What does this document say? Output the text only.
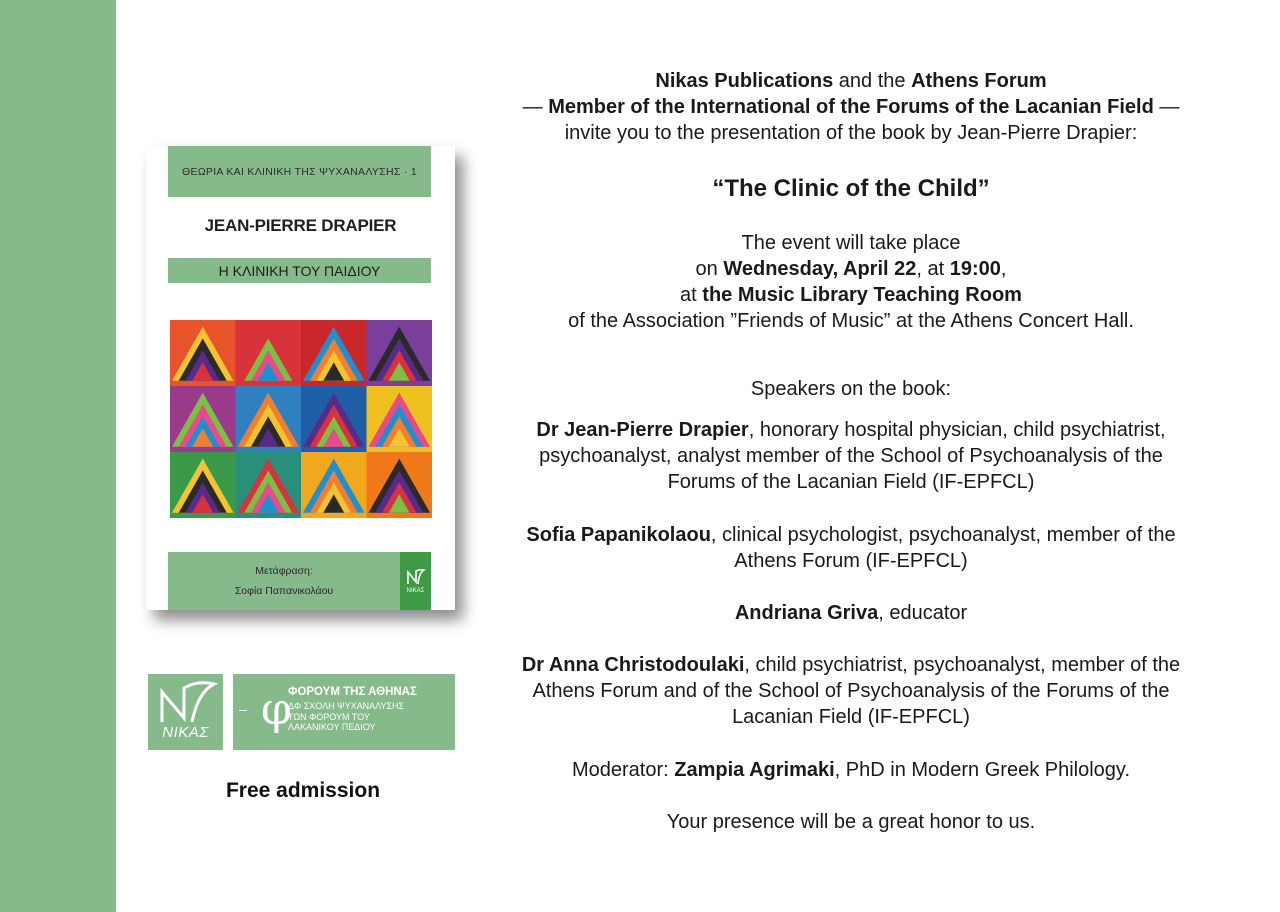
ΘΕΩΡΙΑ ΚΑΙ ΚΛΙΝΙΚΗ ΤΗΣ ΨΥΧΑΝΑΛΥΣΗΣ · 1
JEAN-PIERRE DRAPIER
Η ΚΛΙΝΙΚΗ ΤΟΥ ΠΑΙΔΙΟΥ
Μετάφραση:
Σοφία Παπανικολάου	NIKAΣ
NIKAΣ	φ
ΦΟΡΟΥΜ ΤΗΣ ΑΘΗΝΑΣ
ΔΦ ΣΧΟΛΗ ΨΥΧΑΝΑΛΥΣΗΣ
ΤΩΝ ΦΟΡΟΥΜ ΤΟΥ
ΛΑΚΑΝΙΚΟΥ ΠΕΔΙΟΥ
–
Free admission
Nikas Publications and the Athens Forum
— Member of the International of the Forums of the Lacanian Field —
invite you to the presentation of the book by Jean-Pierre Drapier:
“The Clinic of the Child”
The event will take place
on Wednesday, April 22, at 19:00,
at the Music Library Teaching Room
of the Association ”Friends of Music” at the Athens Concert Hall.
Speakers on the book:
Dr Jean-Pierre Drapier, honorary hospital physician, child psychiatrist,
psychoanalyst, analyst member of the School of Psychoanalysis of the
Forums of the Lacanian Field (IF-EPFCL)
Sofia Papanikolaou, clinical psychologist, psychoanalyst, member of the
Athens Forum (IF-EPFCL)
Andriana Griva, educator
Dr Anna Christodoulaki, child psychiatrist, psychoanalyst, member of the
Athens Forum and of the School of Psychoanalysis of the Forums of the
Lacanian Field (IF-EPFCL)
Moderator: Zampia Agrimaki, PhD in Modern Greek Philology.
Your presence will be a great honor to us.
